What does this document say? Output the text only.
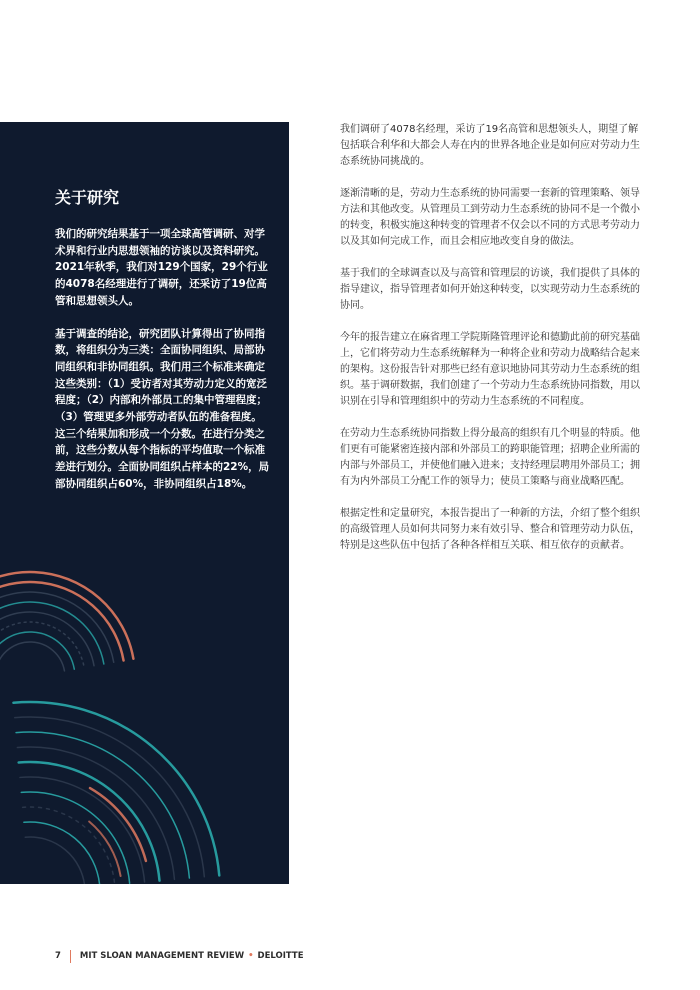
关于研究

我们的研究结果基于一项全球高管调研、对学术界和行业内思想领袖的访谈以及资料研究。2021年秋季，我们对129个国家，29个行业的4078名经理进行了调研，还采访了19位高管和思想领头人。

基于调查的结论，研究团队计算得出了协同指数，将组织分为三类：全面协同组织、局部协同组织和非协同组织。我们用三个标准来确定这些类别：（1）受访者对其劳动力定义的宽泛程度；（2）内部和外部员工的集中管理程度；（3）管理更多外部劳动者队伍的准备程度。这三个结果加和形成一个分数。在进行分类之前，这些分数从每个指标的平均值取一个标准差进行划分。全面协同组织占样本的22%，局部协同组织占60%，非协同组织占18%。

我们调研了4078名经理，采访了19名高管和思想领头人，期望了解包括联合利华和大都会人寿在内的世界各地企业是如何应对劳动力生态系统协同挑战的。

逐渐清晰的是，劳动力生态系统的协同需要一套新的管理策略、领导方法和其他改变。从管理员工到劳动力生态系统的协同不是一个微小的转变，积极实施这种转变的管理者不仅会以不同的方式思考劳动力以及其如何完成工作，而且会相应地改变自身的做法。

基于我们的全球调查以及与高管和管理层的访谈，我们提供了具体的指导建议，指导管理者如何开始这种转变，以实现劳动力生态系统的协同。

今年的报告建立在麻省理工学院斯隆管理评论和德勤此前的研究基础上，它们将劳动力生态系统解释为一种将企业和劳动力战略结合起来的架构。这份报告针对那些已经有意识地协同其劳动力生态系统的组织。基于调研数据，我们创建了一个劳动力生态系统协同指数，用以识别在引导和管理组织中的劳动力生态系统的不同程度。

在劳动力生态系统协同指数上得分最高的组织有几个明显的特质。他们更有可能紧密连接内部和外部员工的跨职能管理；招聘企业所需的内部与外部员工，并使他们融入进来；支持经理层聘用外部员工；拥有为内外部员工分配工作的领导力；使员工策略与商业战略匹配。

根据定性和定量研究，本报告提出了一种新的方法，介绍了整个组织的高级管理人员如何共同努力来有效引导、整合和管理劳动力队伍，特别是这些队伍中包括了各种各样相互关联、相互依存的贡献者。

7 MIT SLOAN MANAGEMENT REVIEW • DELOITTE
